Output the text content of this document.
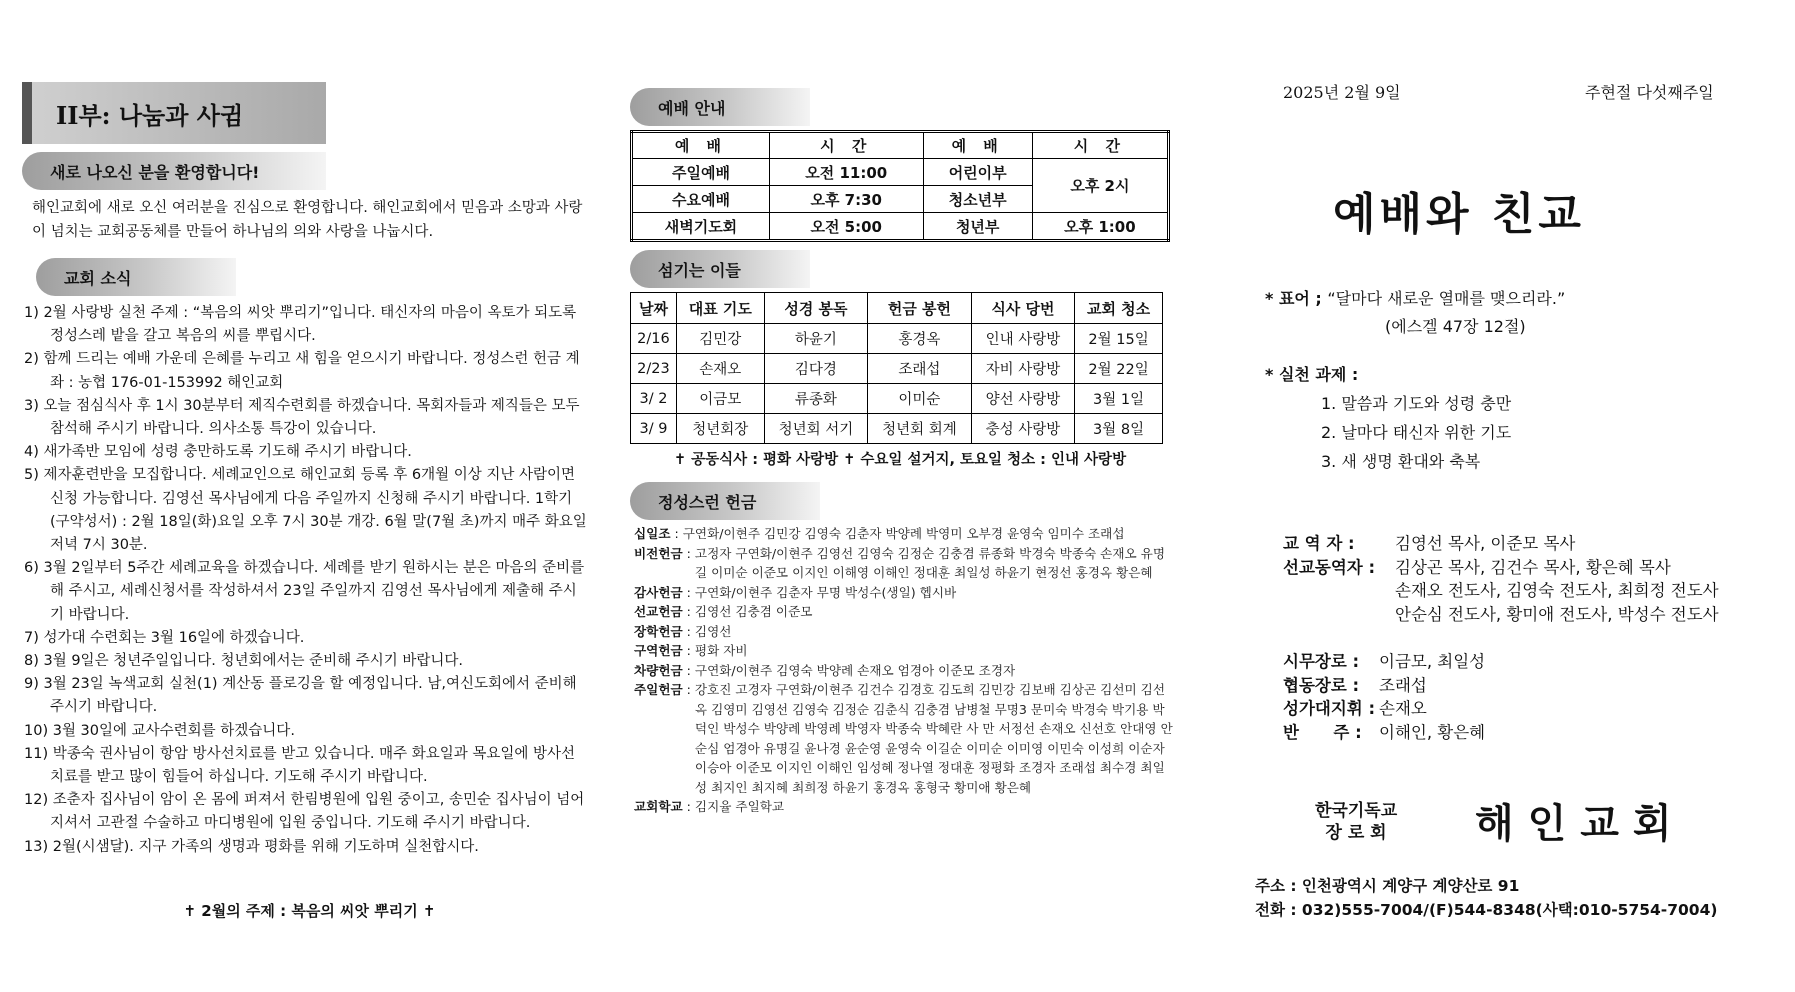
II부: 나눔과 사귐
새로 나오신 분을 환영합니다!

해인교회에 새로 오신 여러분을 진심으로 환영합니다. 해인교회에서 믿음과 소망과 사랑이 넘치는 교회공동체를 만들어 하나님의 의와 사랑을 나눕시다.

교회 소식
1) 2월 사랑방 실천 주제 : “복음의 씨앗 뿌리기”입니다. 태신자의 마음이 옥토가 되도록 정성스레 밭을 갈고 복음의 씨를 뿌립시다.
2) 함께 드리는 예배 가운데 은혜를 누리고 새 힘을 얻으시기 바랍니다. 정성스런 헌금 계좌 : 농협 176-01-153992 해인교회
3) 오늘 점심식사 후 1시 30분부터 제직수련회를 하겠습니다. 목회자들과 제직들은 모두 참석해 주시기 바랍니다. 의사소통 특강이 있습니다.
4) 새가족반 모임에 성령 충만하도록 기도해 주시기 바랍니다.
5) 제자훈련반을 모집합니다. 세례교인으로 해인교회 등록 후 6개월 이상 지난 사람이면 신청 가능합니다. 김영선 목사님에게 다음 주일까지 신청해 주시기 바랍니다. 1학기(구약성서) : 2월 18일(화)요일 오후 7시 30분 개강. 6월 말(7월 초)까지 매주 화요일 저녁 7시 30분.
6) 3월 2일부터 5주간 세례교육을 하겠습니다. 세례를 받기 원하시는 분은 마음의 준비를 해 주시고, 세례신청서를 작성하셔서 23일 주일까지 김영선 목사님에게 제출해 주시기 바랍니다.
7) 성가대 수련회는 3월 16일에 하겠습니다.
8) 3월 9일은 청년주일입니다. 청년회에서는 준비해 주시기 바랍니다.
9) 3월 23일 녹색교회 실천(1) 계산동 플로깅을 할 예정입니다. 남,여신도회에서 준비해 주시기 바랍니다.
10) 3월 30일에 교사수련회를 하겠습니다.
11) 박종숙 권사님이 항암 방사선치료를 받고 있습니다. 매주 화요일과 목요일에 방사선 치료를 받고 많이 힘들어 하십니다. 기도해 주시기 바랍니다.
12) 조춘자 집사님이 암이 온 몸에 퍼져서 한림병원에 입원 중이고, 송민순 집사님이 넘어지셔서 고관절 수술하고 마디병원에 입원 중입니다. 기도해 주시기 바랍니다.
13) 2월(시샘달). 지구 가족의 생명과 평화를 위해 기도하며 실천합시다.
✝ 2월의 주제 : 복음의 씨앗 뿌리기 ✝
예배 안내
예 배	시 간	예 배	시 간
주일예배	오전 11:00	어린이부	오후 2시
수요예배	오후 7:30	청소년부	
새벽기도회	오전 5:00	청년부	오후 1:00
섬기는 이들
날짜	대표 기도	성경 봉독	헌금 봉헌	식사 당번	교회 청소
2/16	김민강	하윤기	홍경옥	인내 사랑방	2월 15일
2/23	손재오	김다경	조래섭	자비 사랑방	2월 22일
3/ 2	이금모	류종화	이미순	양선 사랑방	3월 1일
3/ 9	청년회장	청년회 서기	청년회 회계	충성 사랑방	3월 8일
✝ 공동식사 : 평화 사랑방 ✝ 수요일 설거지, 토요일 청소 : 인내 사랑방
정성스런 헌금
십일조 : 구연화/이현주 김민강 김영숙 김춘자 박양례 박영미 오부경 윤영숙 임미수 조래섭
비전헌금 : 고정자 구연화/이현주 김영선 김영숙 김정순 김충겸 류종화 박경숙 박종숙 손재오 유명길 이미순 이준모 이지인 이해영 이해인 정대훈 최일성 하윤기 현정선 홍경옥 황은혜
감사헌금 : 구연화/이현주 김춘자 무명 박성수(생일) 헵시바
선교헌금 : 김영선 김충겸 이준모
장학헌금 : 김영선
구역헌금 : 평화 자비
차량헌금 : 구연화/이현주 김영숙 박양례 손재오 엄경아 이준모 조경자
주일헌금 : 강호진 고경자 구연화/이현주 김건수 김경호 김도희 김민강 김보배 김상곤 김선미 김선옥 김영미 김영선 김영숙 김정순 김춘식 김충겸 남병철 무명3 문미숙 박경숙 박기용 박덕인 박성수 박양례 박영례 박영자 박종숙 박혜란 사 만 서정선 손재오 신선호 안대영 안순심 엄경아 유명길 윤나경 윤순영 윤영숙 이길순 이미순 이미영 이민숙 이성희 이순자 이승아 이준모 이지인 이해인 임성혜 정나열 정대훈 정평화 조경자 조래섭 최수경 최일성 최지인 최지혜 최희정 하윤기 홍경옥 홍형국 황미애 황은혜
교회학교 : 김지율 주일학교
2025년 2월 9일	주현절 다섯째주일
예배와 친교
* 표어 ; “달마다 새로운 열매를 맺으리라.”
(에스겔 47장 12절)
* 실천 과제 :
1. 말씀과 기도와 성령 충만
2. 날마다 태신자 위한 기도
3. 새 생명 환대와 축복
교 역 자 :	김영선 목사, 이준모 목사
선교동역자 :	김상곤 목사, 김건수 목사, 황은혜 목사
손재오 전도사, 김영숙 전도사, 최희정 전도사
안순심 전도사, 황미애 전도사, 박성수 전도사
시무장로 :	이금모, 최일성
협동장로 :	조래섭
성가대지휘 : 손재오
반      주 :	이해인, 황은혜
한국기독교
장 로 회 해인교회
주소 : 인천광역시 계양구 계양산로 91
전화 : 032)555-7004/(F)544-8348(사택:010-5754-7004)
